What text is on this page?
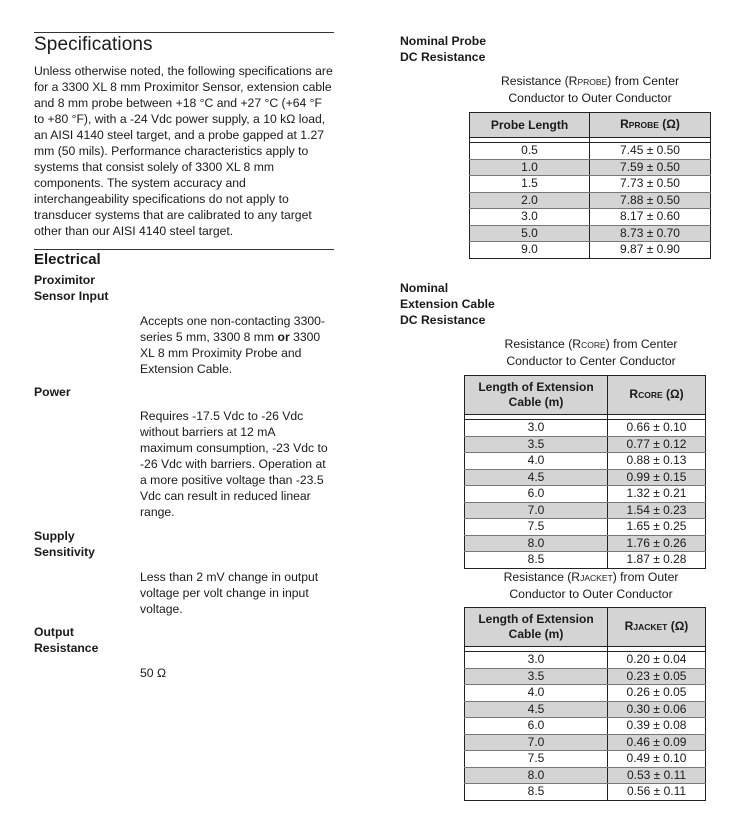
Specifications
Unless otherwise noted, the following specifications are for a 3300 XL 8 mm Proximitor Sensor, extension cable and 8 mm probe between +18 °C and +27 °C (+64 °F to +80 °F), with a -24 Vdc power supply, a 10 kΩ load, an AISI 4140 steel target, and a probe gapped at 1.27 mm (50 mils). Performance characteristics apply to systems that consist solely of 3300 XL 8 mm components. The system accuracy and interchangeability specifications do not apply to transducer systems that are calibrated to any target other than our AISI 4140 steel target.
Electrical
Proximitor
Sensor Input
Accepts one non-contacting 3300-series 5 mm, 3300 8 mm or 3300 XL 8 mm Proximity Probe and Extension Cable.
Power
Requires -17.5 Vdc to -26 Vdc without barriers at 12 mA maximum consumption, -23 Vdc to -26 Vdc with barriers. Operation at a more positive voltage than -23.5 Vdc can result in reduced linear range.
Supply
Sensitivity
Less than 2 mV change in output voltage per volt change in input voltage.
Output
Resistance
50 Ω
Nominal Probe
DC Resistance
Resistance (RPROBE) from Center
Conductor to Outer Conductor
Probe Length	RPROBE (Ω)

0.5	7.45 ± 0.50
1.0	7.59 ± 0.50
1.5	7.73 ± 0.50
2.0	7.88 ± 0.50
3.0	8.17 ± 0.60
5.0	8.73 ± 0.70
9.0	9.87 ± 0.90
Nominal
Extension Cable
DC Resistance
Resistance (RCORE) from Center
Conductor to Center Conductor
Length of Extension Cable (m)	RCORE (Ω)

3.0	0.66 ± 0.10
3.5	0.77 ± 0.12
4.0	0.88 ± 0.13
4.5	0.99 ± 0.15
6.0	1.32 ± 0.21
7.0	1.54 ± 0.23
7.5	1.65 ± 0.25
8.0	1.76 ± 0.26
8.5	1.87 ± 0.28
Resistance (RJACKET) from Outer
Conductor to Outer Conductor
Length of Extension Cable (m)	RJACKET (Ω)

3.0	0.20 ± 0.04
3.5	0.23 ± 0.05
4.0	0.26 ± 0.05
4.5	0.30 ± 0.06
6.0	0.39 ± 0.08
7.0	0.46 ± 0.09
7.5	0.49 ± 0.10
8.0	0.53 ± 0.11
8.5	0.56 ± 0.11
